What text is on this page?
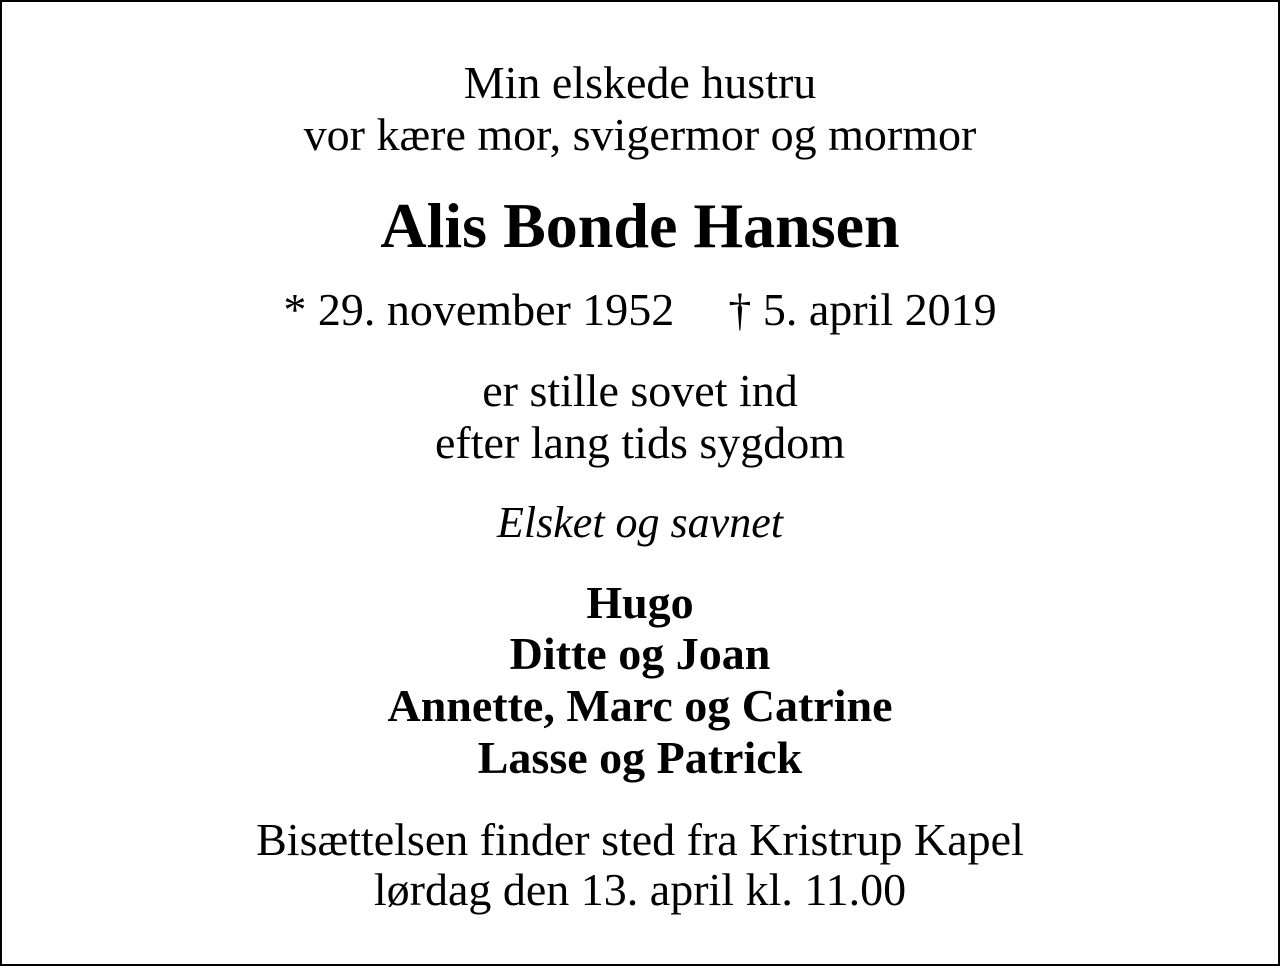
Min elskede hustru
vor kære mor, svigermor og mormor
Alis Bonde Hansen
* 29. november 1952 † 5. april 2019
er stille sovet ind
efter lang tids sygdom
Elsket og savnet
Hugo
Ditte og Joan
Annette, Marc og Catrine
Lasse og Patrick
Bisættelsen finder sted fra Kristrup Kapel
lørdag den 13. april kl. 11.00
